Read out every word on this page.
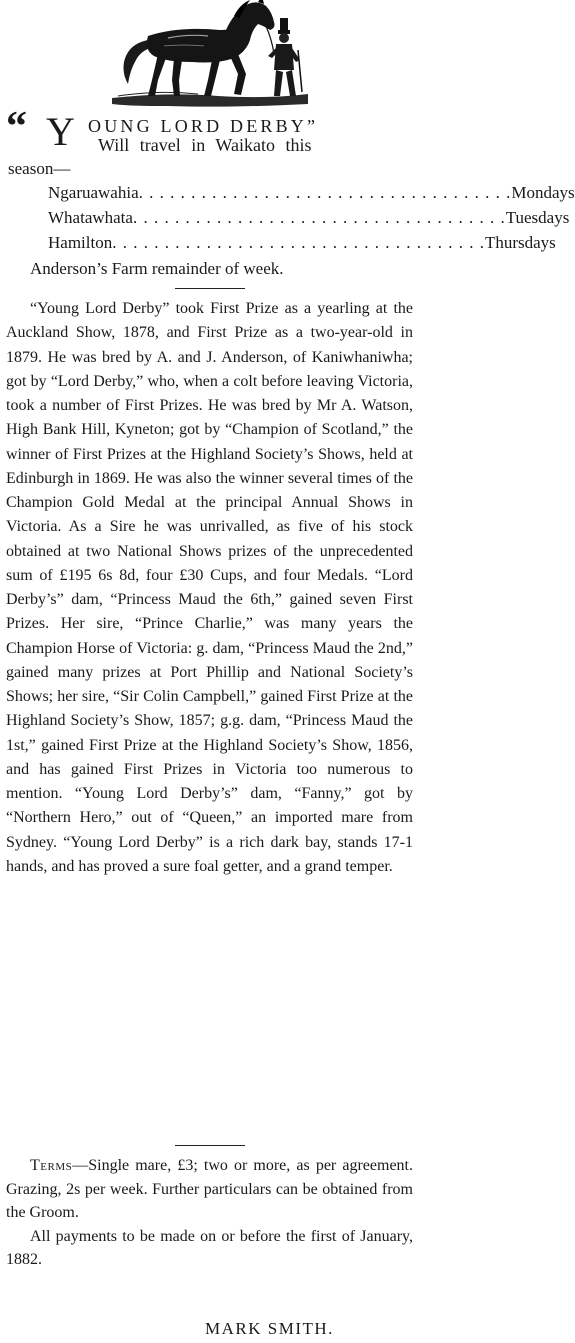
“ Y OUNG LORD DERBY”
Will travel in Waikato this
season—
Ngaruawahia . . . . . . . . . . . . . . . . . . . . . . . . . . . . . . . . . . . . Mondays
Whatawhata . . . . . . . . . . . . . . . . . . . . . . . . . . . . . . . . . . . . Tuesdays
Hamilton . . . . . . . . . . . . . . . . . . . . . . . . . . . . . . . . . . . . Thursdays
Anderson’s Farm remainder of week.

“Young Lord Derby” took First Prize as a yearling at the Auckland Show, 1878, and First Prize as a two-year-old in 1879. He was bred by A. and J. Anderson, of Kaniwhaniwha; got by “Lord Derby,” who, when a colt before leaving Victoria, took a number of First Prizes. He was bred by Mr A. Watson, High Bank Hill, Kyneton; got by “Champion of Scotland,” the winner of First Prizes at the Highland Society’s Shows, held at Edinburgh in 1869. He was also the winner several times of the Champion Gold Medal at the principal Annual Shows in Victoria. As a Sire he was unrivalled, as five of his stock obtained at two National Shows prizes of the unprecedented sum of £195 6s 8d, four £30 Cups, and four Medals. “Lord Derby’s” dam, “Princess Maud the 6th,” gained seven First Prizes. Her sire, “Prince Charlie,” was many years the Champion Horse of Victoria: g. dam, “Princess Maud the 2nd,” gained many prizes at Port Phillip and National Society’s Shows; her sire, “Sir Colin Campbell,” gained First Prize at the Highland Society’s Show, 1857; g.g. dam, “Princess Maud the 1st,” gained First Prize at the Highland Society’s Show, 1856, and has gained First Prizes in Victoria too numerous to mention. “Young Lord Derby’s” dam, “Fanny,” got by “Northern Hero,” out of “Queen,” an imported mare from Sydney. “Young Lord Derby” is a rich dark bay, stands 17-1 hands, and has proved a sure foal getter, and a grand temper.

Terms—Single mare, £3; two or more, as per agreement. Grazing, 2s per week. Further particulars can be obtained from the Groom.

All payments to be made on or before the first of January, 1882.

MARK SMITH.
